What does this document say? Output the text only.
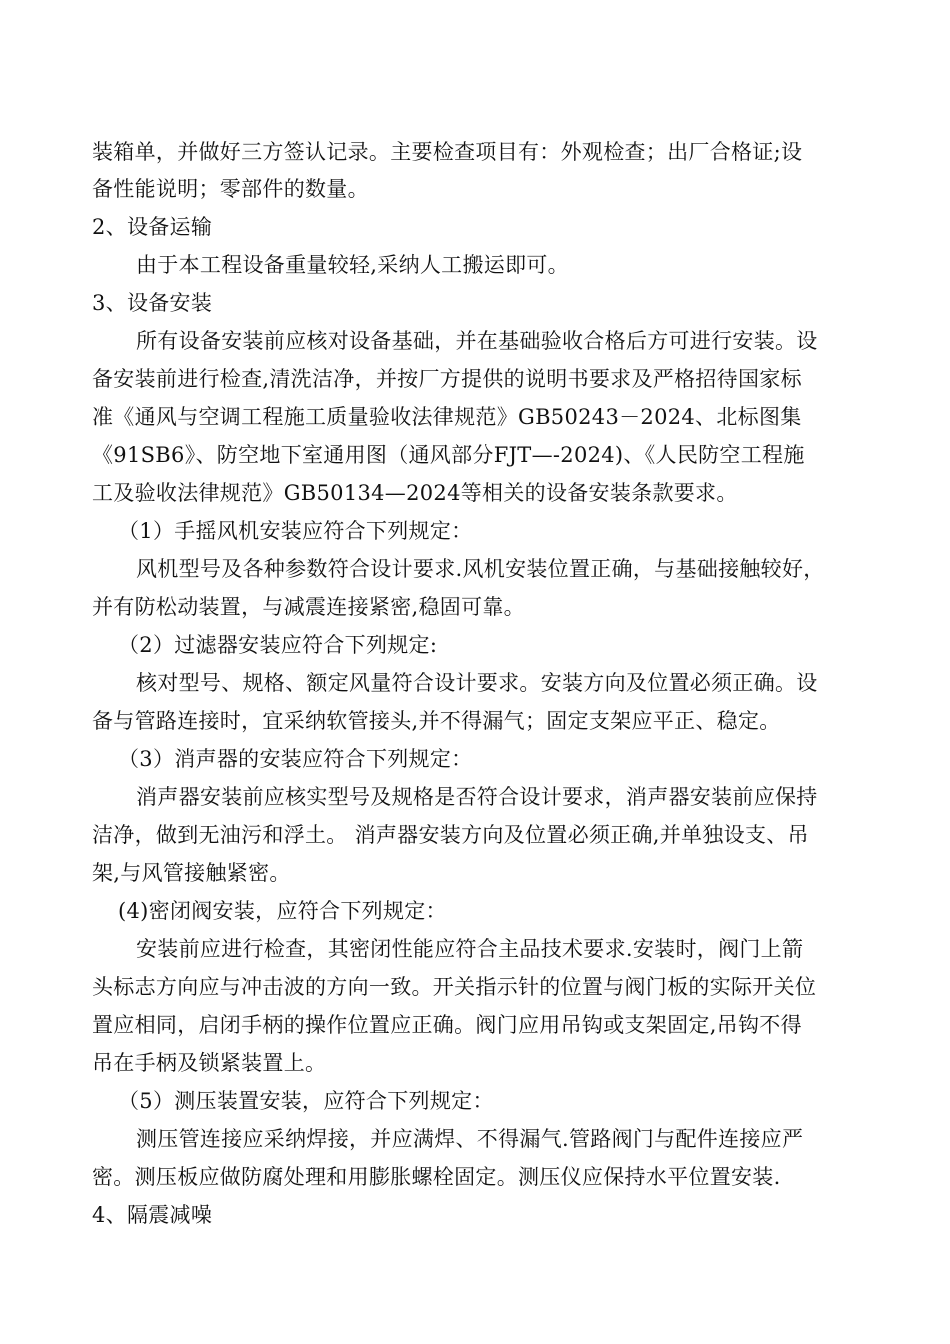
装箱单，并做好三方签认记录。主要检查项目有：外观检查；出厂合格证;设
备性能说明；零部件的数量。
2、设备运输
由于本工程设备重量较轻,采纳人工搬运即可。
3、设备安装
所有设备安装前应核对设备基础，并在基础验收合格后方可进行安装。设
备安装前进行检查,清洗洁净，并按厂方提供的说明书要求及严格招待国家标
准《通风与空调工程施工质量验收法律规范》GB50243－2024、北标图集
《91SB6》、防空地下室通用图（通风部分FJT—-2024)、《人民防空工程施
工及验收法律规范》GB50134—2024等相关的设备安装条款要求。
（1）手摇风机安装应符合下列规定：
风机型号及各种参数符合设计要求.风机安装位置正确，与基础接触较好，
并有防松动装置，与减震连接紧密,稳固可靠。
（2）过滤器安装应符合下列规定:
核对型号、规格、额定风量符合设计要求。安装方向及位置必须正确。设
备与管路连接时，宜采纳软管接头,并不得漏气；固定支架应平正、稳定。
（3）消声器的安装应符合下列规定：
消声器安装前应核实型号及规格是否符合设计要求，消声器安装前应保持
洁净，做到无油污和浮土。 消声器安装方向及位置必须正确,并单独设支、吊
架,与风管接触紧密。
(4)密闭阀安装，应符合下列规定：
安装前应进行检查，其密闭性能应符合主品技术要求.安装时，阀门上箭
头标志方向应与冲击波的方向一致。开关指示针的位置与阀门板的实际开关位
置应相同，启闭手柄的操作位置应正确。阀门应用吊钩或支架固定,吊钩不得
吊在手柄及锁紧装置上。
（5）测压装置安装，应符合下列规定：
测压管连接应采纳焊接，并应满焊、不得漏气.管路阀门与配件连接应严
密。测压板应做防腐处理和用膨胀螺栓固定。测压仪应保持水平位置安装.
4、隔震减噪
